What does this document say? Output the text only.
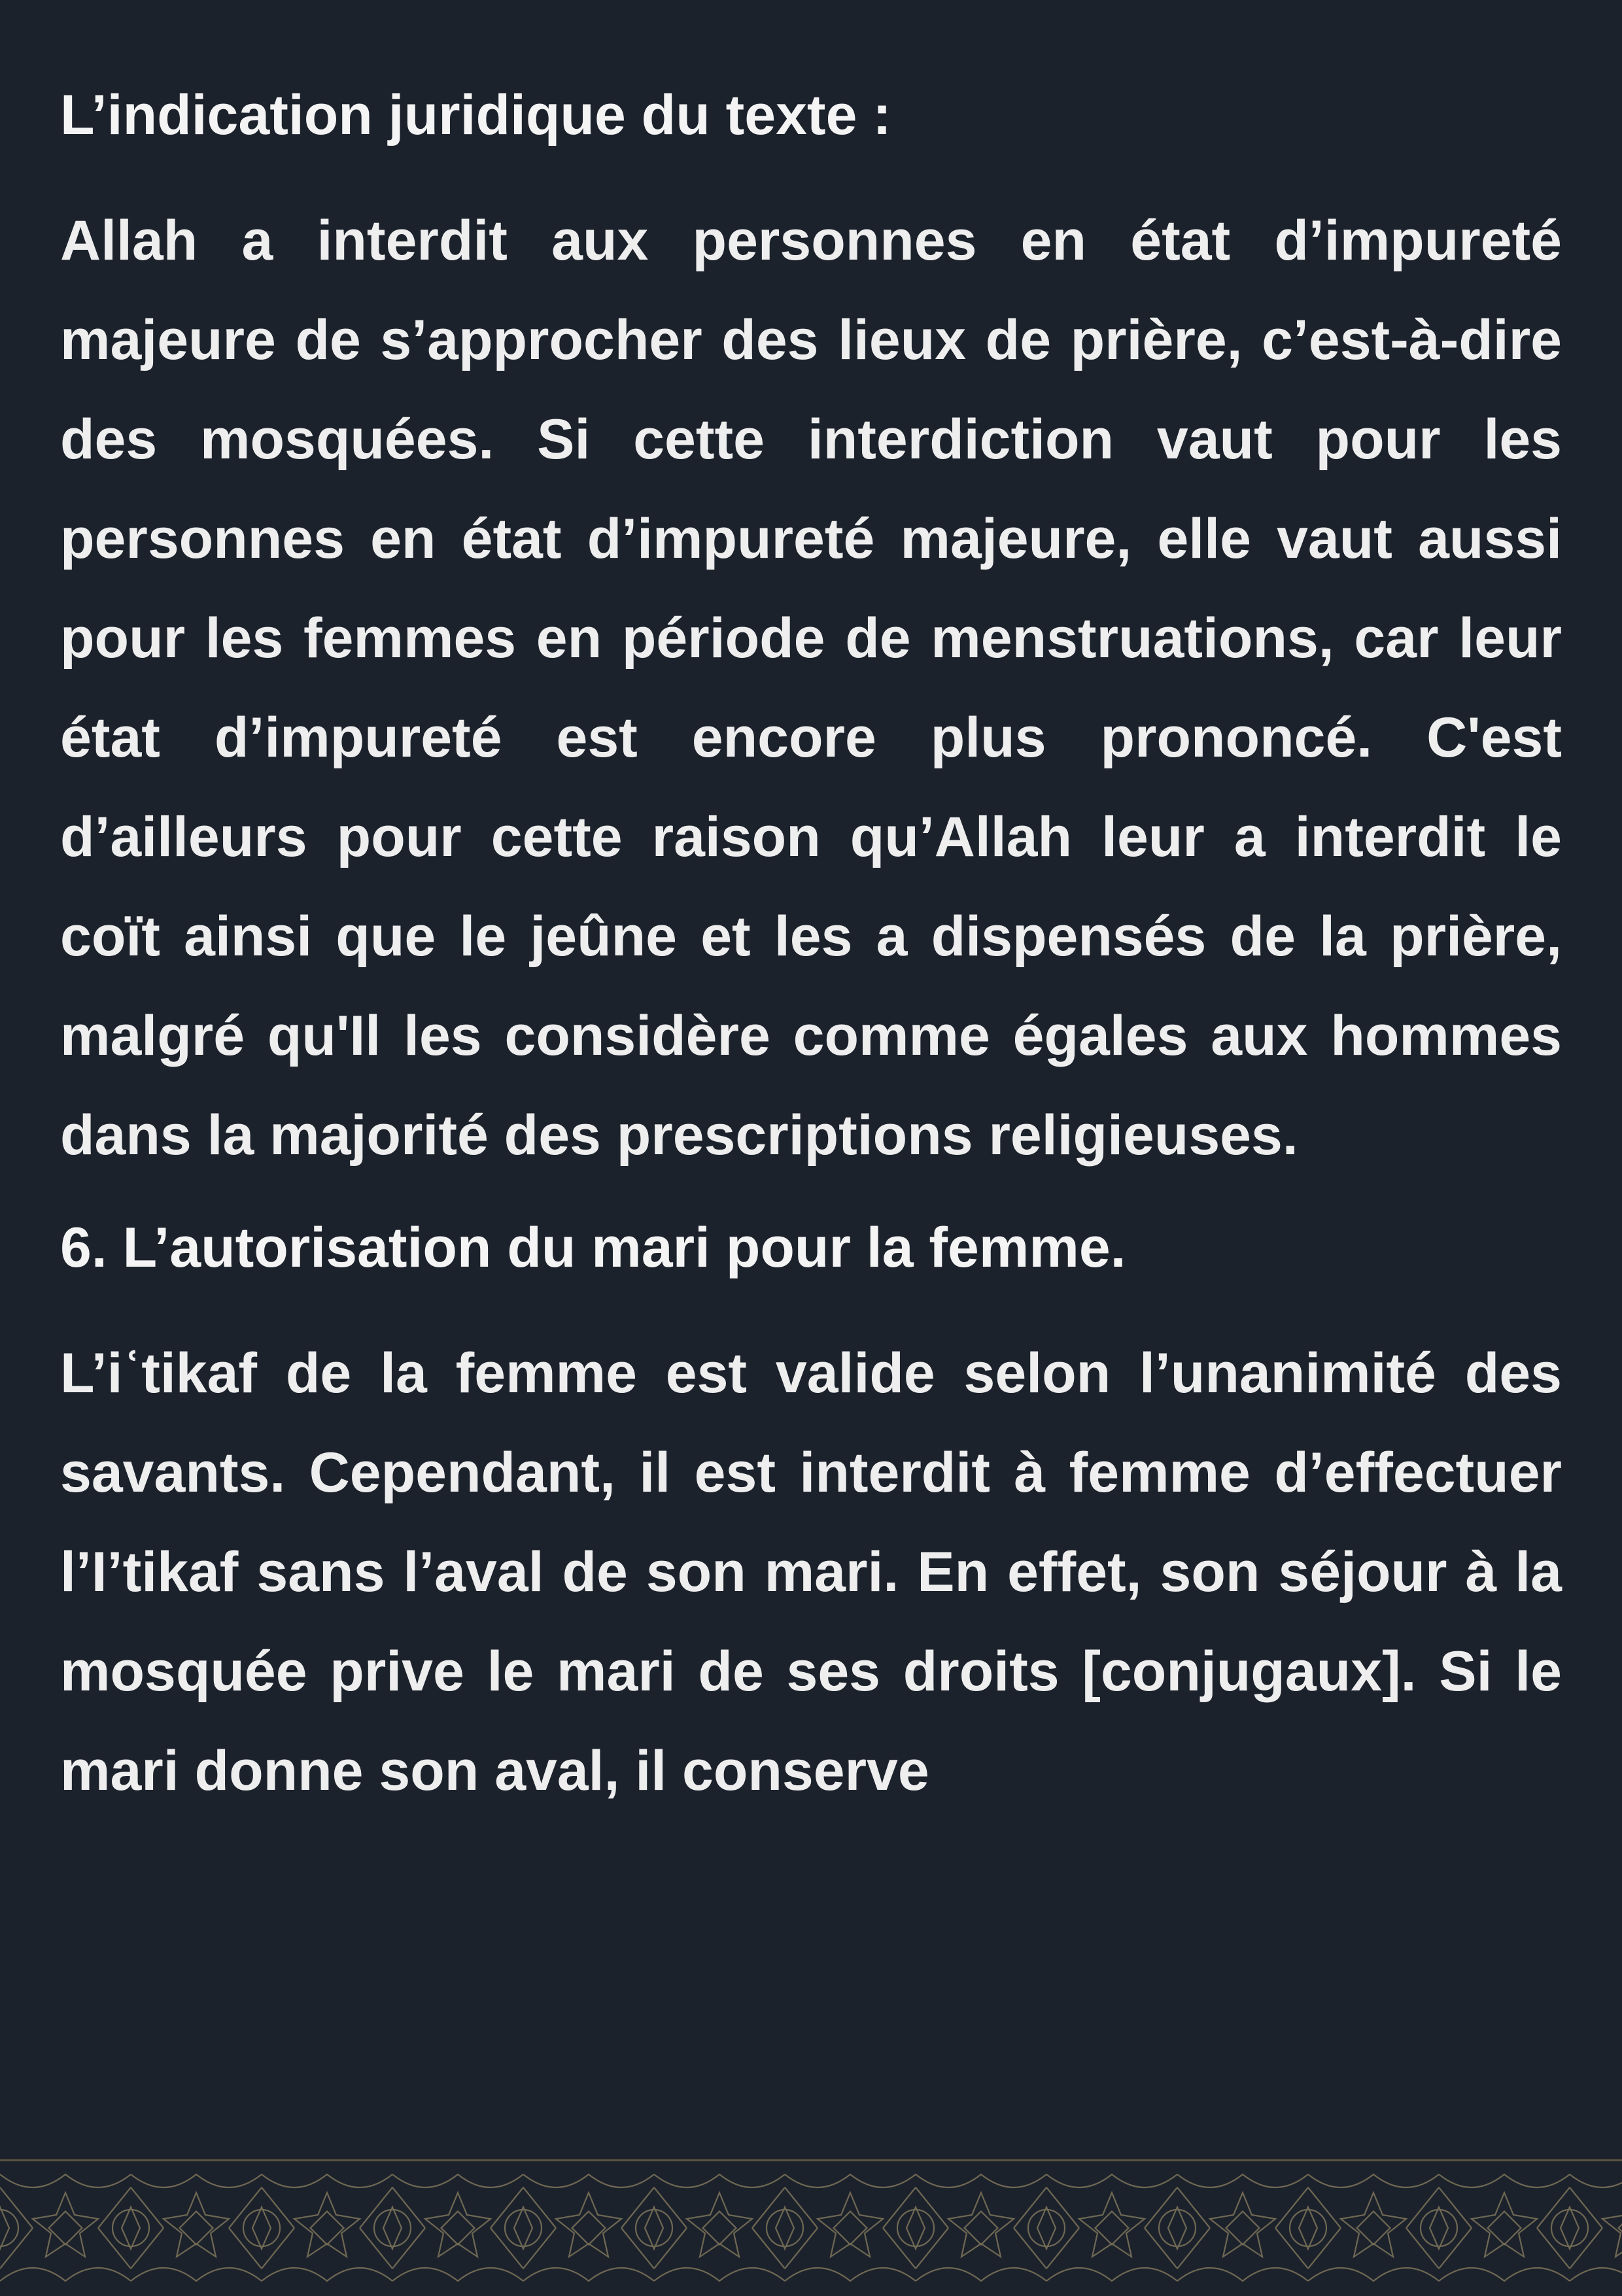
L’indication juridique du texte :

Allah a interdit aux personnes en état d’impureté majeure de s’approcher des lieux de prière, c’est-à-dire des mosquées. Si cette interdiction vaut pour les personnes en état d’impureté majeure, elle vaut aussi pour les femmes en période de menstruations, car leur état d’impureté est encore plus prononcé. C'est d’ailleurs pour cette raison qu’Allah leur a interdit le coït ainsi que le jeûne et les a dispensés de la prière, malgré qu'Il les considère comme égales aux hommes dans la majorité des prescriptions religieuses.

6. L’autorisation du mari pour la femme.

L’iʿtikaf de la femme est valide selon l’unanimité des savants. Cependant, il est interdit à femme d’effectuer l’I’tikaf sans l’aval de son mari. En effet, son séjour à la mosquée prive le mari de ses droits [conjugaux]. Si le mari donne son aval, il conserve
